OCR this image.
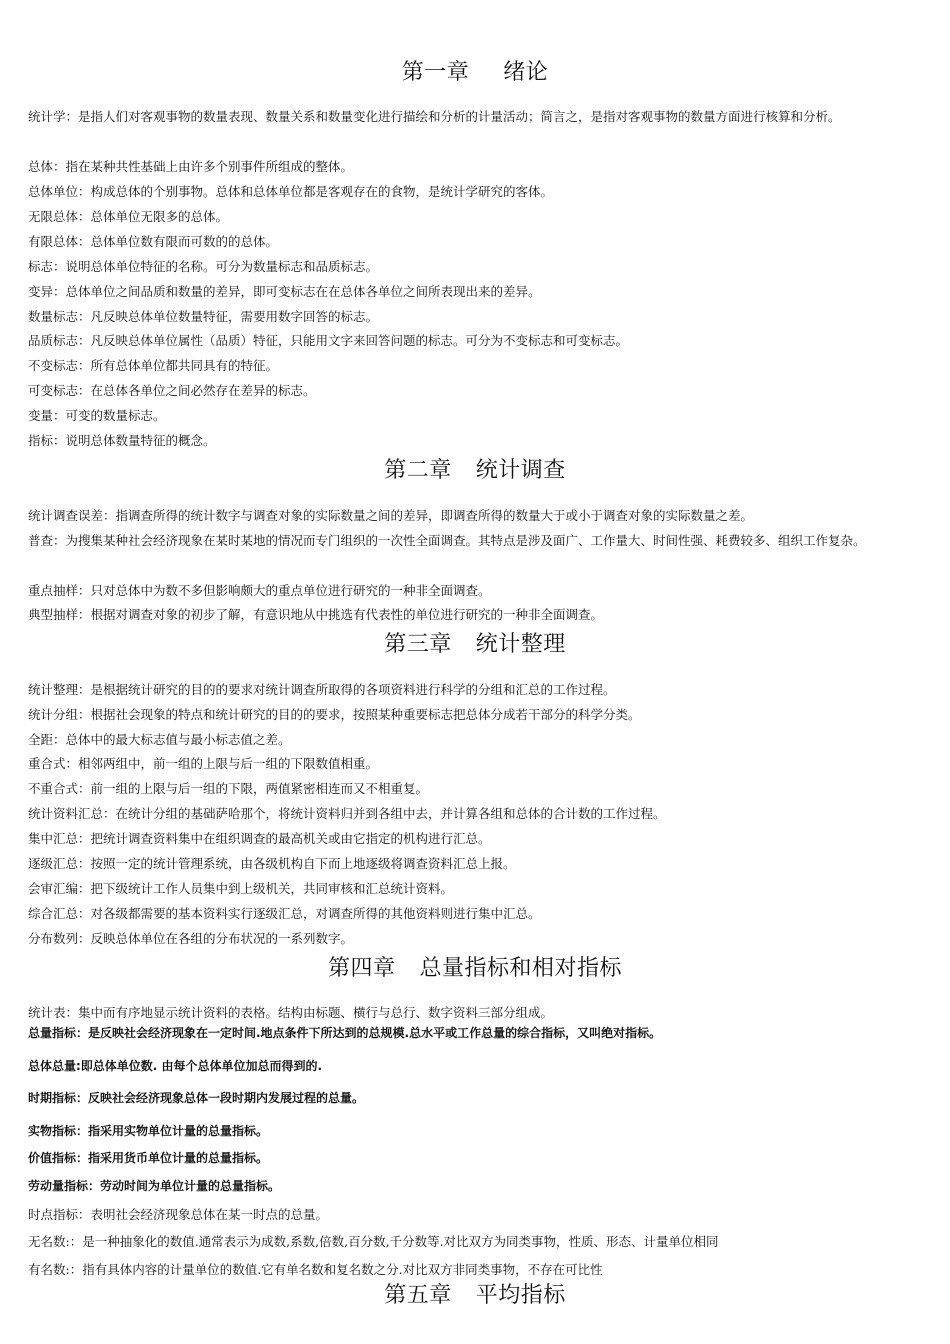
第一章 绪论

统计学：是指人们对客观事物的数量表现、数量关系和数量变化进行描绘和分析的计量活动；简言之，是指对客观事物的数量方面进行核算和分析。

总体：指在某种共性基础上由许多个别事件所组成的整体。

总体单位：构成总体的个别事物。总体和总体单位都是客观存在的食物，是统计学研究的客体。

无限总体：总体单位无限多的总体。

有限总体：总体单位数有限而可数的的总体。

标志：说明总体单位特征的名称。可分为数量标志和品质标志。

变异：总体单位之间品质和数量的差异，即可变标志在在总体各单位之间所表现出来的差异。

数量标志：凡反映总体单位数量特征，需要用数字回答的标志。

品质标志：凡反映总体单位属性（品质）特征，只能用文字来回答问题的标志。可分为不变标志和可变标志。

不变标志：所有总体单位都共同具有的特征。

可变标志：在总体各单位之间必然存在差异的标志。

变量：可变的数量标志。

指标：说明总体数量特征的概念。

第二章 统计调查

统计调查误差：指调查所得的统计数字与调查对象的实际数量之间的差异，即调查所得的数量大于或小于调查对象的实际数量之差。

普查：为搜集某种社会经济现象在某时某地的情况而专门组织的一次性全面调查。其特点是涉及面广、工作量大、时间性强、耗费较多、组织工作复杂。

重点抽样：只对总体中为数不多但影响颇大的重点单位进行研究的一种非全面调查。

典型抽样：根据对调查对象的初步了解，有意识地从中挑选有代表性的单位进行研究的一种非全面调查。

第三章 统计整理

统计整理：是根据统计研究的目的的要求对统计调查所取得的各项资料进行科学的分组和汇总的工作过程。

统计分组：根据社会现象的特点和统计研究的目的的要求，按照某种重要标志把总体分成若干部分的科学分类。

全距：总体中的最大标志值与最小标志值之差。

重合式：相邻两组中，前一组的上限与后一组的下限数值相重。

不重合式：前一组的上限与后一组的下限，两值紧密相连而又不相重复。

统计资料汇总：在统计分组的基础萨哈那个，将统计资料归并到各组中去，并计算各组和总体的合计数的工作过程。

集中汇总：把统计调查资料集中在组织调查的最高机关或由它指定的机构进行汇总。

逐级汇总：按照一定的统计管理系统，由各级机构自下而上地逐级将调查资料汇总上报。

会审汇编：把下级统计工作人员集中到上级机关，共同审核和汇总统计资料。

综合汇总：对各级都需要的基本资料实行逐级汇总，对调查所得的其他资料则进行集中汇总。

分布数列：反映总体单位在各组的分布状况的一系列数字。

第四章 总量指标和相对指标

统计表：集中而有序地显示统计资料的表格。结构由标题、横行与总行、数字资料三部分组成。

总量指标：是反映社会经济现象在一定时间.地点条件下所达到的总规模.总水平或工作总量的综合指标，又叫绝对指标。

总体总量:即总体单位数. 由每个总体单位加总而得到的.

时期指标：反映社会经济现象总体一段时期内发展过程的总量。

实物指标：指采用实物单位计量的总量指标。

价值指标：指采用货币单位计量的总量指标。

劳动量指标：劳动时间为单位计量的总量指标。

时点指标：表明社会经济现象总体在某一时点的总量。

无名数:：是一种抽象化的数值.通常表示为成数,系数,倍数,百分数,千分数等.对比双方为同类事物，性质、形态、计量单位相同

有名数:：指有具体内容的计量单位的数值.它有单名数和复名数之分.对比双方非同类事物，不存在可比性

第五章 平均指标
